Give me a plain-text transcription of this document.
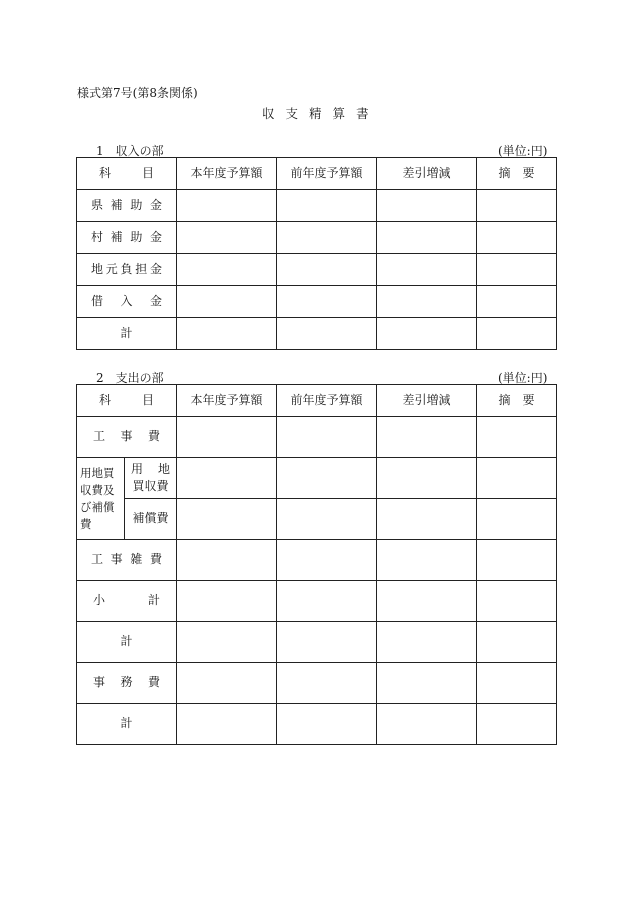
様式第7号(第8条関係)
収 支 精 算 書
1　収入の部	(単位:円)
科 目	本年度予算額	前年度予算額	差引増減	摘　要

県 補 助 金				

村 補 助 金				

地 元 負 担 金				

借 入 金				

計				
2　支出の部	(単位:円)
科 目		本年度予算額	前年度予算額	差引増減	摘　要

工 事 費					

用地買収費及び補償費	用 地
買収費				

	補償費				

工 事 雑 費					

小 計					

計					

事 務 費					

計					
